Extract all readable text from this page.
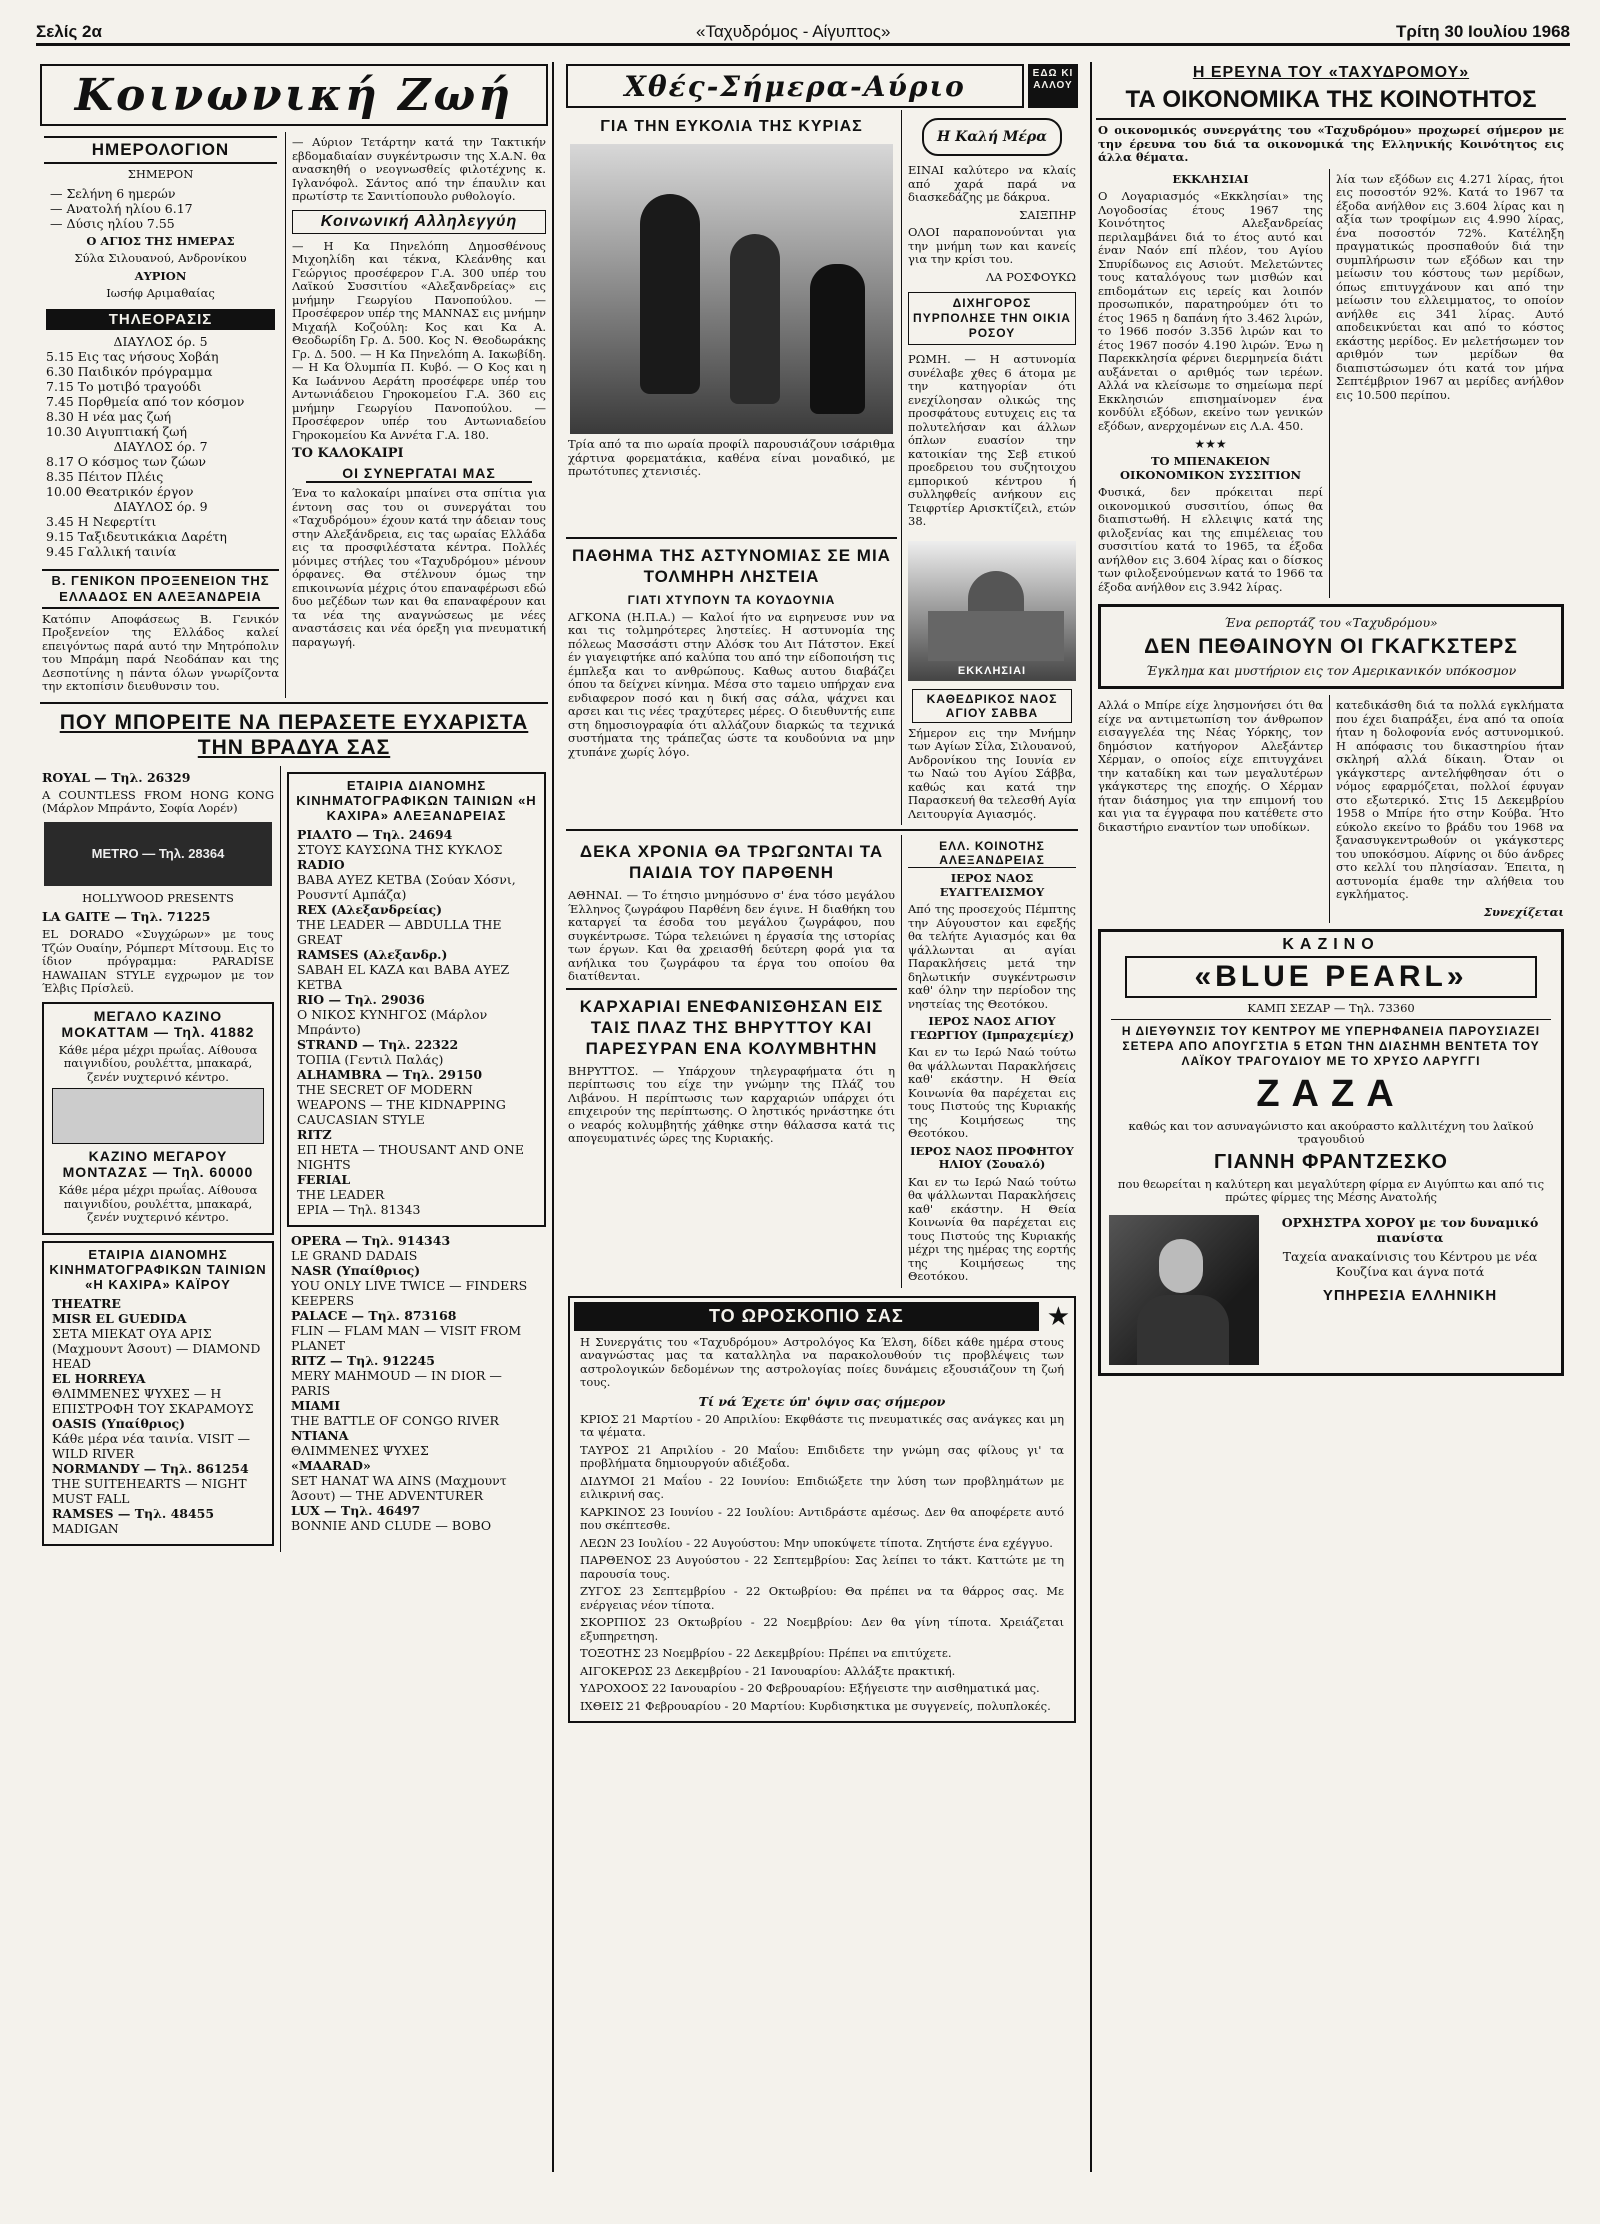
Σελίς 2α	«Ταχυδρόμος - Αίγυπτος»	Τρίτη 30 Ιουλίου 1968
Κοινωνική Ζωή
ΗΜΕΡΟΛΟΓΙΟΝ
ΣΗΜΕΡΟΝ
— Σελήνη 6 ημερών
— Ανατολή ηλίου 6.17
— Δύσις ηλίου 7.55
Ο ΑΓΙΟΣ ΤΗΣ ΗΜΕΡΑΣ
Σύλα Σιλουανού, Ανδρονίκου
ΑΥΡΙΟΝ
Ιωσήφ Αριμαθαίας
ΤΗΛΕΟΡΑΣΙΣ
ΔΙΑΥΛΟΣ όρ. 5
5.15 Εις τας νήσους Χοβάη
6.30 Παιδικόν πρόγραμμα
7.15 Το μοτιβό τραγούδι
7.45 Πορθμεία από τον κόσμον
8.30 Η νέα μας ζωή
10.30 Αιγυπτιακή ζωή
ΔΙΑΥΛΟΣ όρ. 7
8.17 Ο κόσμος των ζώων
8.35 Πέιτον Πλέις
10.00 Θεατρικόν έργον
ΔΙΑΥΛΟΣ όρ. 9
3.45 Η Νεφερτίτι
9.15 Ταξιδευτικάκια Δαρέτη
9.45 Γαλλική ταινία
Β. ΓΕΝΙΚΟΝ ΠΡΟΞΕΝΕΙΟΝ ΤΗΣ ΕΛΛΑΔΟΣ ΕΝ ΑΛΕΞΑΝΔΡΕΙΑ
Κατόπιν Αποφάσεως Β. Γενικόν Προξενείον της Ελλάδος καλεί επειγόντως παρά αυτό την Μητρόπολιν του Μπράμη παρά Νεοδάπαν και της Δεσποτίνης η πάντα όλων γνωρίζοντα την εκτοπίσιν διευθυνσιν του.
— Αύριον Τετάρτην κατά την Τακτικήν εβδομαδιαίαν συγκέντρωσιν της Χ.Α.Ν. θα ανασκηθή ο νεογνωσθείς φιλοτέχνης κ. Ιγλανόφολ. Σάντος από την έπαυλιν και πρωτίστρ τε Σανιτίοπουλο ρυθολογίο.
Κοινωνική Αλληλεγγύη
— Η Κα Πηνελόπη Δημοσθένους Μιχοηλίδη και τέκνα, Κλεάνθης και Γεώργιος προσέφερον Γ.Α. 300 υπέρ του Λαϊκού Συσσιτίου «Αλεξανδρείας» εις μνήμην Γεωργίου Πανοπούλου. — Προσέφερον υπέρ της ΜΑΝΝΑΣ εις μνήμην Μιχαήλ Κοζούλη: Κος και Κα Α. Θεοδωρίδη Γρ. Δ. 500. Κος Ν. Θεοδωράκης Γρ. Δ. 500. — Η Κα Πηνελόπη Α. Ιακωβίδη. — Η Κα Όλυμπία Π. Κυβό. — Ο Κος και η Κα Ιωάννου Αεράτη προσέφερε υπέρ του Αντωνιάδειου Γηροκομείου Γ.Α. 360 εις μνήμην Γεωργίου Πανοπούλου. — Προσέφερον υπέρ του Αντωνιαδείου Γηροκομείου Κα Αννέτα Γ.Α. 180.
ΤΟ ΚΑΛΟΚΑΙΡΙ
ΟΙ ΣΥΝΕΡΓΑΤΑΙ ΜΑΣ
Ένα το καλοκαίρι μπαίνει στα σπίτια για έντονη σας του οι συνεργάται του «Ταχυδρόμου» έχουν κατά την άδειαν τους στην Αλεξάνδρεια, εις τας ωραίας Ελλάδα εις τα προσφιλέστατα κέντρα. Πολλές μόνιμες στήλες του «Ταχυδρόμου» μένουν όρφανες. Θα στέλνουν όμως την επικοινωνία μέχρις ότου επαναφέρωσι εδώ δυο μεζέδων των και θα επαναφέρουν και τα νέα της αναγνώσεως με νέες αναστάσεις και νέα όρεξη για πνευματική παραγωγή.
ΠΟΥ ΜΠΟΡΕΙΤΕ ΝΑ ΠΕΡΑΣΕΤΕ ΕΥΧΑΡΙΣΤΑ ΤΗΝ ΒΡΑΔΥΑ ΣΑΣ
ROYAL — Τηλ. 26329
A COUNTLESS FROM HONG KONG (Μάρλον Μπράντο, Σοφία Λορέν)
METRO — Τηλ. 28364
HOLLYWOOD PRESENTS
LA GAITE — Τηλ. 71225
EL DORADO «Συγχώρων» με τους Τζών Ουαίην, Ρόμπερτ Μίτσουμ. Εις το ίδιον πρόγραμμα: PARADISE HAWAIIAN STYLE εγχρωμον με τον Έλβις Πρίσλεϋ.
ΜΕΓΑΛΟ ΚΑΖΙΝΟ MOKATTAM — Τηλ. 41882
Κάθε μέρα μέχρι πρωΐας. Αίθουσα παιγνιδίου, ρουλέττα, μπακαρά, ζενέν νυχτερινό κέντρο.
ΚΑΖΙΝΟ ΜΕΓΑΡΟΥ ΜΟΝΤΑΖΑΣ — Τηλ. 60000
Κάθε μέρα μέχρι πρωΐας. Αίθουσα παιγνιδίου, ρουλέττα, μπακαρά, ζενέν νυχτερινό κέντρο.
ΕΤΑΙΡΙΑ ΔΙΑΝΟΜΗΣ ΚΙΝΗΜΑΤΟΓΡΑΦΙΚΩΝ ΤΑΙΝΙΩΝ «Η ΚΑΧΙΡΑ» ΚΑΪΡΟΥ
THEATRE
MISR EL GUEDIDA
ΣΕΤΑ ΜΙΕΚΑΤ ΟΥΑ ΑΡΙΣ (Μαχμουντ Άσουτ) — DIAMOND HEAD
EL HORREYA
ΘΛΙΜΜΕΝΕΣ ΨΥΧΕΣ — Η ΕΠΙΣΤΡΟΦΗ ΤΟΥ ΣΚΑΡΑΜΟΥΣ
OASIS (Υπαίθριος)
Κάθε μέρα νέα ταινία. VISIT — WILD RIVER
NORMANDY — Τηλ. 861254
THE SUITEHEARTS — NIGHT MUST FALL
RAMSES — Τηλ. 48455
MADIGAN
ΕΤΑΙΡΙΑ ΔΙΑΝΟΜΗΣ ΚΙΝΗΜΑΤΟΓΡΑΦΙΚΩΝ ΤΑΙΝΙΩΝ «Η ΚΑΧΙΡΑ» ΑΛΕΞΑΝΔΡΕΙΑΣ
ΡΙΑΛΤΟ — Τηλ. 24694
ΣΤΟΥΣ ΚΑΥΣΩΝΑ ΤΗΣ ΚΥΚΛΟΣ
RADIO
ΒΑΒΑ ΑΥΕΖ ΚΕΤΒΑ (Σούαν Χόσνι, Ρουσντί Αμπάζα)
REX (Αλεξανδρείας)
THE LEADER — ABDULLA THE GREAT
RAMSES (Αλεξανδρ.)
SABAH EL KAZA και ΒΑΒΑ ΑΥΕΖ ΚΕΤΒΑ
RIO — Τηλ. 29036
Ο ΝΙΚΟΣ ΚΥΝΗΓΟΣ (Μάρλον Μπράντο)
STRAND — Τηλ. 22322
ΤΟΠΙΑ (Γεντιλ Παλάς)
ALHAMBRA — Τηλ. 29150
THE SECRET OF MODERN WEAPONS — THE KIDNAPPING CAUCASIAN STYLE
RITZ
ΕΠ ΗΕΤΑ — THOUSANT AND ONE NIGHTS
FERIAL
THE LEADER
ΕΡΙΑ — Τηλ. 81343
OPERA — Τηλ. 914343
LE GRAND DADAIS
NASR (Υπαίθριος)
YOU ONLY LIVE TWICE — FINDERS KEEPERS
PALACE — Τηλ. 873168
FLIN — FLAM MAN — VISIT FROM PLANET
RITZ — Τηλ. 912245
MERY MAHMOUD — IN DIOR — PARIS
MIAMI
THE BATTLE OF CONGO RIVER
ΝΤΙΑΝΑ
ΘΛΙΜΜΕΝΕΣ ΨΥΧΕΣ
«MAARAD»
SET HANAT WA AINS (Μαχμουντ Άσουτ) — THE ADVENTURER
LUX — Τηλ. 46497
BONNIE AND CLUDE — BOBO
Χθές-Σήμερα-Αύριο	ΕΔΩ ΚΙ ΑΛΛΟΥ
ΓΙΑ ΤΗΝ ΕΥΚΟΛΙΑ ΤΗΣ ΚΥΡΙΑΣ
Τρία από τα πιο ωραία προφίλ παρουσιάζουν ισάριθμα χάρτινα φορεματάκια, καθένα είναι μοναδικό, με πρωτότυπες χτενισιές.
Η Καλή Μέρα
ΕΙΝΑΙ καλύτερο να κλαίς από χαρά παρά να διασκεδάζης με δάκρυα.
ΣΑΙΞΠΗΡ
ΟΛΟΙ παραπονούνται για την μνήμη των και κανείς για την κρίσι του.
ΛΑ ΡΟΣΦΟΥΚΩ
ΔΙΧΗΓΟΡΟΣ ΠΥΡΠΟΛΗΣΕ ΤΗΝ ΟΙΚΙΑ ΡΟΣΟΥ
ΡΩΜΗ. — Η αστυνομία συνέλαβε χθες 6 άτομα με την κατηγορίαν ότι ενεχίλοησαν ολικώς της προσφάτους ευτυχεις εις τα πολυτελήσαν και άλλων όπλων ευασίον την κατοικίαν της Σεβ ετικού προεδρειου του συζητοιχου εμπορικού κέντρου ή συλληφθείς ανήκουν εις Τειφρτίερ Αρισκτίζειλ, ετών 38.
ΠΑΘΗΜΑ ΤΗΣ ΑΣΤΥΝΟΜΙΑΣ ΣΕ ΜΙΑ ΤΟΛΜΗΡΗ ΛΗΣΤΕΙΑ
ΓΙΑΤΙ ΧΤΥΠΟΥΝ ΤΑ ΚΟΥΔΟΥΝΙΑ
ΑΓΚΟΝΑ (Η.Π.Α.) — Καλοί ήτο να ειρηνευσε νυν να και τις τολμηρότερες ληστείες. Η αστυνομία της πόλεως Μασσάστι στην Αλόσκ του Αιτ Πάτστον. Εκεί έν γιαγειφτήκε από καλύπα του από την είδοποιήση τις έμπλεξα και το ανθρώπους. Καθως αυτου διαβάζει όπου τα δείχνει κίνημα. Μέσα στο ταμειο υπήρχαν ενα ενδιαφερον ποσό και η δική σας σάλα, ψάχνει και αρσει και τις νέες τραχύτερες μέρες. Ο διευθυντής ειπε στη δημοσιογραφία ότι αλλάζουν διαρκώς τα τεχνικά συστήματα της τράπεζας ώστε τα κουδούνια να μην χτυπάνε χωρίς λόγο.
ΕΚΚΛΗΣΙΑΙ
ΚΑΘΕΔΡΙΚΟΣ ΝΑΟΣ ΑΓΙΟΥ ΣΑΒΒΑ
Σήμερον εις την Μνήμην των Αγίων Σίλα, Σιλουανού, Ανδρονίκου της Ιουνία εν τω Ναώ του Αγίου Σάββα, καθώς και κατά την Παρασκευή θα τελεσθή Αγία Λειτουργία Αγιασμός.
ΔΕΚΑ ΧΡΟΝΙΑ ΘΑ ΤΡΩΓΩΝΤΑΙ ΤΑ ΠΑΙΔΙΑ ΤΟΥ ΠΑΡΘΕΝΗ
ΑΘΗΝΑΙ. — Το έτησιο μνημόσυνο σ' ένα τόσο μεγάλου Έλληνος ζωγράφου Παρθένη δεν έγινε. Η διαθήκη του καταργεί τα έσοδα του μεγάλου ζωγράφου, που συγκέντρωσε. Τώρα τελειώνει η έργασία της ιστορίας των έργων. Και θα χρειασθή δεύτερη φορά για τα ανήλικα του ζωγράφου τα έργα του οποίου θα διατίθενται.
ΚΑΡΧΑΡΙΑΙ ΕΝΕΦΑΝΙΣΘΗΣΑΝ ΕΙΣ ΤΑΙΣ ΠΛΑΖ ΤΗΣ ΒΗΡΥΤΤΟΥ ΚΑΙ ΠΑΡΕΣΥΡΑΝ ΕΝΑ ΚΟΛΥΜΒΗΤΗΝ
ΒΗΡΥΤΤΟΣ. — Υπάρχουν τηλεγραφήματα ότι η περίπτωσις του είχε την γνώμην της Πλάζ του Λιβάνου. Η περίπτωσις των καρχαριών υπάρχει ότι επιχειρούν της περίπτωσης. Ο ληστικός ηρνάστηκε ότι ο νεαρός κολυμβητής χάθηκε στην θάλασσα κατά τις απογευματινές ώρες της Κυριακής.
ΕΛΛ. ΚΟΙΝΟΤΗΣ ΑΛΕΞΑΝΔΡΕΙΑΣ
ΙΕΡΟΣ ΝΑΟΣ ΕΥΑΓΓΕΛΙΣΜΟΥ
Από της προσεχούς Πέμπτης την Αύγουστον και εφεξής θα τελήτε Αγιασμός και θα ψάλλωνται αι αγίαι Παρακλήσεις μετά την δηλωτικήν συγκέντρωσιν καθ' όλην την περίοδον της νηστείας της Θεοτόκου.
ΙΕΡΟΣ ΝΑΟΣ ΑΓΙΟΥ ΓΕΩΡΓΙΟΥ (Ιμπραχεμίεχ)
Και εν τω Ιερώ Ναώ τούτω θα ψάλλωνται Παρακλήσεις καθ' εκάστην. Η Θεία Κοινωνία θα παρέχεται εις τους Πιστούς της Κυριακής της Κοιμήσεως της Θεοτόκου.
ΙΕΡΟΣ ΝΑΟΣ ΠΡΟΦΗΤΟΥ ΗΛΙΟΥ (Σουαλό)
Και εν τω Ιερώ Ναώ τούτω θα ψάλλωνται Παρακλήσεις καθ' εκάστην. Η Θεία Κοινωνία θα παρέχεται εις τους Πιστούς της Κυριακής μέχρι της ημέρας της εορτής της Κοιμήσεως της Θεοτόκου.
ΤΟ ΩΡΟΣΚΟΠΙΟ ΣΑΣ	★
Η Συνεργάτις του «Ταχυδρόμου» Αστρολόγος Κα Έλση, δίδει κάθε ημέρα στους αναγνώστας μας τα καταλληλα να παρακολουθούν τις προβλέψεις των αστρολογικών δεδομένων της αστρολογίας ποίες δυνάμεις εξουσιάζουν τη ζωή τους.
Τί νά Έχετε ύπ' όψιν σας σήμερον
ΚΡΙΟΣ 21 Μαρτίου - 20 Απριλίου: Εκφθάστε τις πνευματικές σας ανάγκες και μη τα ψέματα.
ΤΑΥΡΟΣ 21 Απριλίου - 20 Μαΐου: Επιδιδετε την γνώμη σας φίλους γι' τα προβλήματα δημιουργούν αδιέξοδα.
ΔΙΔΥΜΟΙ 21 Μαΐου - 22 Ιουνίου: Επιδιώξετε την λύση των προβλημάτων με ειλικρινή σας.
ΚΑΡΚΙΝΟΣ 23 Ιουνίου - 22 Ιουλίου: Αντιδράστε αμέσως. Δεν θα αποφέρετε αυτό που σκέπτεσθε.
ΛΕΩΝ 23 Ιουλίου - 22 Αυγούστου: Μην υποκύψετε τίποτα. Ζητήστε ένα εχέγγυο.
ΠΑΡΘΕΝΟΣ 23 Αυγούστου - 22 Σεπτεμβρίου: Σας λείπει το τάκτ. Καττώτε με τη παρουσία τους.
ΖΥΓΟΣ 23 Σεπτεμβρίου - 22 Οκτωβρίου: Θα πρέπει να τα θάρρος σας. Με ενέργειας νέον τίποτα.
ΣΚΟΡΠΙΟΣ 23 Οκτωβρίου - 22 Νοεμβρίου: Δεν θα γίνη τίποτα. Χρειάζεται εξυπηρετηση.
ΤΟΞΟΤΗΣ 23 Νοεμβρίου - 22 Δεκεμβρίου: Πρέπει να επιτύχετε.
ΑΙΓΟΚΕΡΩΣ 23 Δεκεμβρίου - 21 Ιανουαρίου: Αλλάξτε πρακτική.
ΥΔΡΟΧΟΟΣ 22 Ιανουαρίου - 20 Φεβρουαρίου: Εξήγειστε την αισθηματικά μας.
ΙΧΘΕΙΣ 21 Φεβρουαρίου - 20 Μαρτίου: Κυρδισηκτικα με συγγενείς, πολυπλοκές.
Η ΕΡΕΥΝΑ ΤΟΥ «ΤΑΧΥΔΡΟΜΟΥ»
ΤΑ ΟΙΚΟΝΟΜΙΚΑ ΤΗΣ ΚΟΙΝΟΤΗΤΟΣ
Ο οικονομικός συνεργάτης του «Ταχυδρόμου» προχωρεί σήμερον με την έρευνα του διά τα οικονομικά της Ελληνικής Κοινότητος εις άλλα θέματα.
ΕΚΚΛΗΣΙΑΙ
Ο Λογαριασμός «Εκκλησίαι» της Λογοδοσίας έτους 1967 της Κοινότητος Αλεξανδρείας περιλαμβάνει διά το έτος αυτό και έναν Ναόν επί πλέον, του Αγίου Σπυρίδωνος εις Ασιούτ. Μελετώντες τους καταλόγους των μισθών και επιδομάτων εις ιερείς και λοιπόν προσωπικόν, παρατηρούμεν ότι το έτος 1965 η δαπάνη ήτο 3.462 λιρών, το 1966 ποσόν 3.356 λιρών και το έτος 1967 ποσόν 4.190 λιρών. Ένω η Παρεκκλησία φέρνει διερμηνεία διάτι αυξάνεται ο αριθμός των ιερέων. Αλλά να κλείσωμε το σημείωμα περί Εκκλησιών επισημαίνομεν ένα κονδύλι εξόδων, εκείνο των γενικών εξόδων, ανερχομένων εις Λ.Α. 450.
★★★
ΤΟ ΜΠΕΝΑΚΕΙΟΝ ΟΙΚΟΝΟΜΙΚΟΝ ΣΥΣΣΙΤΙΟΝ
Φυσικά, δεν πρόκειται περί οικονομικού συσσιτίου, όπως θα διαπιστωθή. Η ελλειψις κατά της φιλοξενίας και της επιμέλειας του συσσιτίου κατά το 1965, τα έξοδα ανήλθον εις 3.604 λίρας και ο δίσκος των φιλοξενούμενων κατά το 1966 τα έξοδα ανήλθον εις 3.942 λίρας.
λία των εξόδων εις 4.271 λίρας, ήτοι εις ποσοστόν 92%. Κατά το 1967 τα έξοδα ανήλθον εις 3.604 λίρας και η αξία των τροφίμων εις 4.990 λίρας, ένα ποσοστόν 72%. Κατέληξη πραγματικώς προσπαθούν διά την συμπλήρωσιν των εξόδων και την μείωσιν του κόστους των μερίδων, όπως επιτυγχάνουν και από την μείωσιν του ελλειμματος, το οποίον ανήλθε εις 341 λίρας. Αυτό αποδεικνύεται και από το κόστος εκάστης μερίδος. Εν μελετήσωμεν τον αριθμόν των μερίδων θα διαπιστώσωμεν ότι κατά τον μήνα Σεπτέμβριον 1967 αι μερίδες ανήλθον εις 10.500 περίπου.
Ένα ρεπορτάζ του «Ταχυδρόμου»
ΔΕΝ ΠΕΘΑΙΝΟΥΝ ΟΙ ΓΚΑΓΚΣΤΕΡΣ
Έγκλημα και μυστήριον εις τον Αμερικανικόν υπόκοσμον
Αλλά ο Μπίρε είχε λησμονήσει ότι θα είχε να αντιμετωπίση τον άνθρωπον εισαγγελέα της Νέας Υόρκης, τον δημόσιον κατήγορον Αλεξάντερ Χέρμαν, ο οποίος είχε επιτυγχάνει την καταδίκη και των μεγαλυτέρων γκάγκστερς της εποχής. Ο Χέρμαν ήταν διάσημος για την επιμονή του και για τα έγγραφα που κατέθετε στο δικαστήριο εναντίον των υποδίκων.
κατεδικάσθη διά τα πολλά εγκλήματα που έχει διαπράξει, ένα από τα οποία ήταν η δολοφονία ενός αστυνομικού. Η απόφασις του δικαστηρίου ήταν σκληρή αλλά δίκαιη. Όταν οι γκάγκστερς αντελήφθησαν ότι ο νόμος εφαρμόζεται, πολλοί έφυγαν στο εξωτερικό. Στις 15 Δεκεμβρίου 1958 ο Μπίρε ήτο στην Κούβα. Ήτο εύκολο εκείνο το βράδυ του 1968 να ξανασυγκεντρωθούν οι γκάγκστερς του υποκόσμου. Αίφνης οι δύο άνδρες στο κελλί του πλησίασαν. Έπειτα, η αστυνομία έμαθε την αλήθεια του εγκλήματος.
Συνεχίζεται
ΚΑΖΙΝΟ
«BLUE PEARL»
ΚΑΜΠ ΣΕΖΑΡ — Τηλ. 73360
Η ΔΙΕΥΘΥΝΣΙΣ ΤΟΥ ΚΕΝΤΡΟΥ ΜΕ ΥΠΕΡΗΦΑΝΕΙΑ ΠΑΡΟΥΣΙΑΖΕΙ ΣΕΤΕΡΑ ΑΠΟ ΑΠΟΥΓΣΤΙΑ 5 ΕΤΩΝ ΤΗΝ ΔΙΑΣΗΜΗ ΒΕΝΤΕΤΑ ΤΟΥ ΛΑΪΚΟΥ ΤΡΑΓΟΥΔΙΟΥ ΜΕ ΤΟ ΧΡΥΣΟ ΛΑΡΥΓΓΙ
ΖΑΖΑ
καθώς και τον ασυναγώνιστο και ακούραστο καλλιτέχνη του λαϊκού τραγουδιού
ΓΙΑΝΝΗ ΦΡΑΝΤΖΕΣΚΟ
που θεωρείται η καλύτερη και μεγαλύτερη φίρμα εν Αιγύπτω και από τις πρώτες φίρμες της Μέσης Ανατολής
ΟΡΧΗΣΤΡΑ ΧΟΡΟΥ με τον δυναμικό πιανίστα
Ταχεία ανακαίνισις του Κέντρου με νέα Κουζίνα και άγνα ποτά
ΥΠΗΡΕΣΙΑ ΕΛΛΗΝΙΚΗ
